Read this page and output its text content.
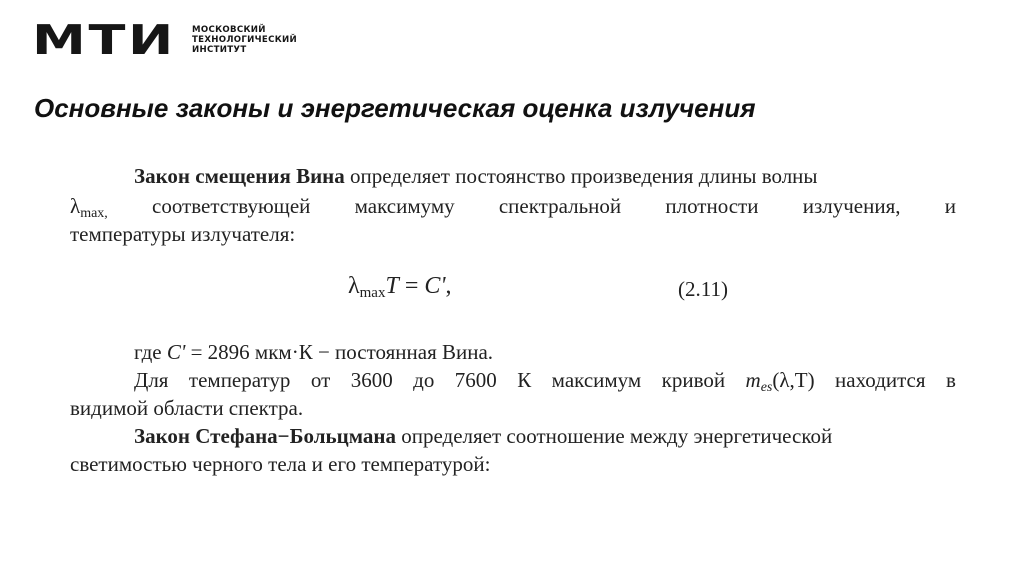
МТИ	МОСКОВСКИЙ
ТЕХНОЛОГИЧЕСКИЙ
ИНСТИТУТ
Основные законы и энергетическая оценка излучения
Закон смещения Вина определяет постоянство произведения длины волны
λmax, соответствующей максимуму спектральной плотности излучения, и
температуры излучателя:
λmaxT = C',	(2.11)
где C' = 2896 мкм·К − постоянная Вина.
Для температур от 3600 до 7600 К максимум кривой mes(λ,T) находится в
видимой области спектра.
Закон Стефана−Больцмана определяет соотношение между энергетической
светимостью черного тела и его температурой:
